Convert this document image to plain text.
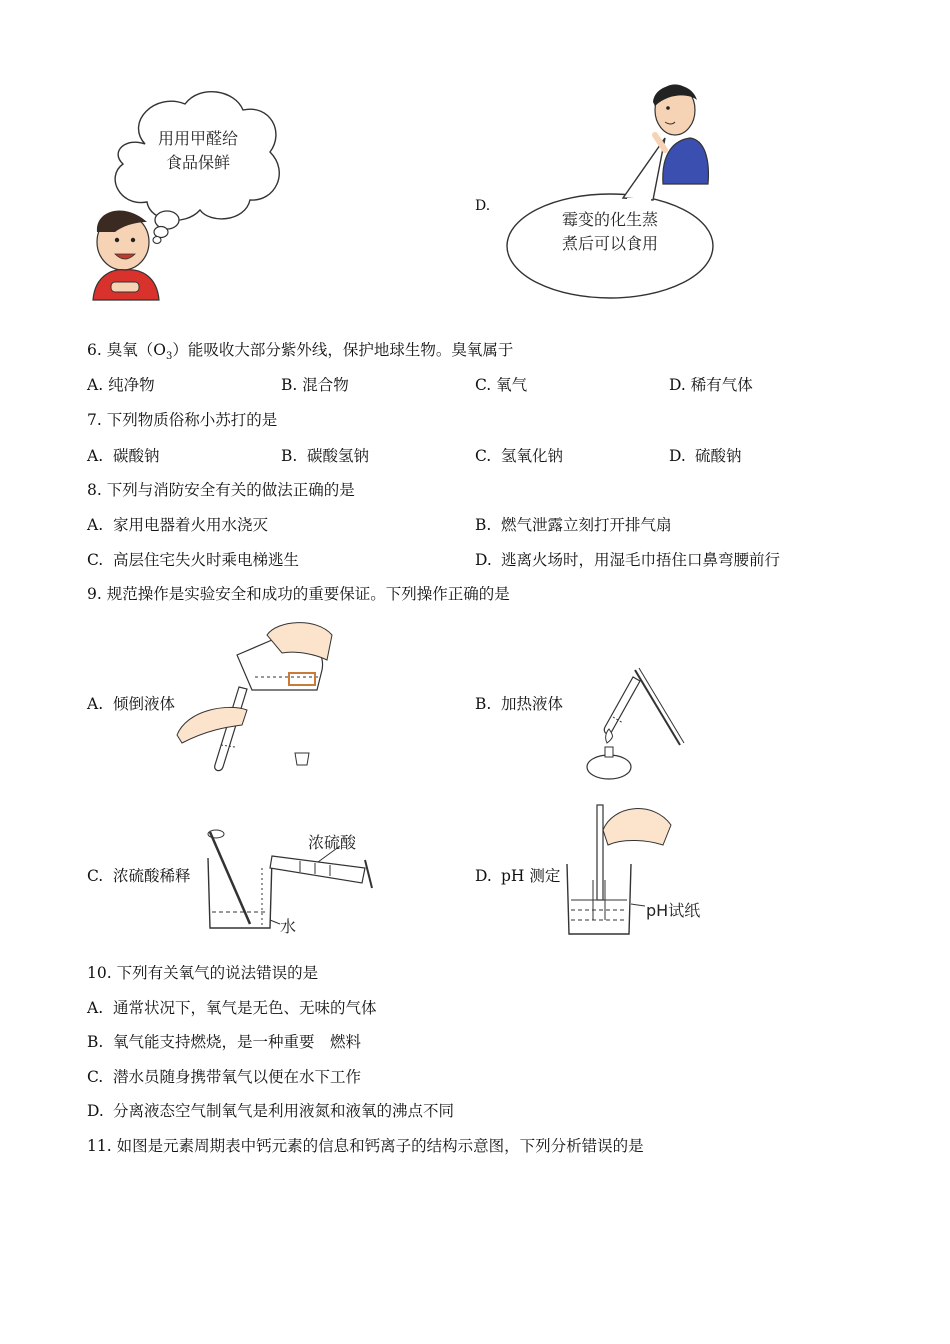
用用甲醛给
食品保鲜
D.
霉变的化生蒸
煮后可以食用
6. 臭氧$(O_3)$能吸收大部分紫外线，保护地球生物。臭氧属于
A. 纯净物	B. 混合物	C. 氧气	D. 稀有气体
7. 下列物质俗称小苏打的是
A. 碳酸钠	B. 碳酸氢钠	C. 氢氧化钠	D. 硫酸钠
8. 下列与消防安全有关的做法正确的是
A. 家用电器着火用水浇灭	B. 燃气泄露立刻打开排气扇
C. 高层住宅失火时乘电梯逃生	D. 逃离火场时，用湿毛巾捂住口鼻弯腰前行
9. 规范操作是实验安全和成功的重要保证。下列操作正确的是
A. 倾倒液体	B. 加热液体
C. 浓硫酸稀释
浓硫酸
水
D. pH 测定
pH试纸
10. 下列有关氧气的说法错误的是
A. 通常状况下，氧气是无色、无味的气体
B. 氧气能支持燃烧，是一种重要　燃料
C. 潜水员随身携带氧气以便在水下工作
D. 分离液态空气制氧气是利用液氮和液氧的沸点不同
11. 如图是元素周期表中钙元素的信息和钙离子的结构示意图，下列分析错误的是
